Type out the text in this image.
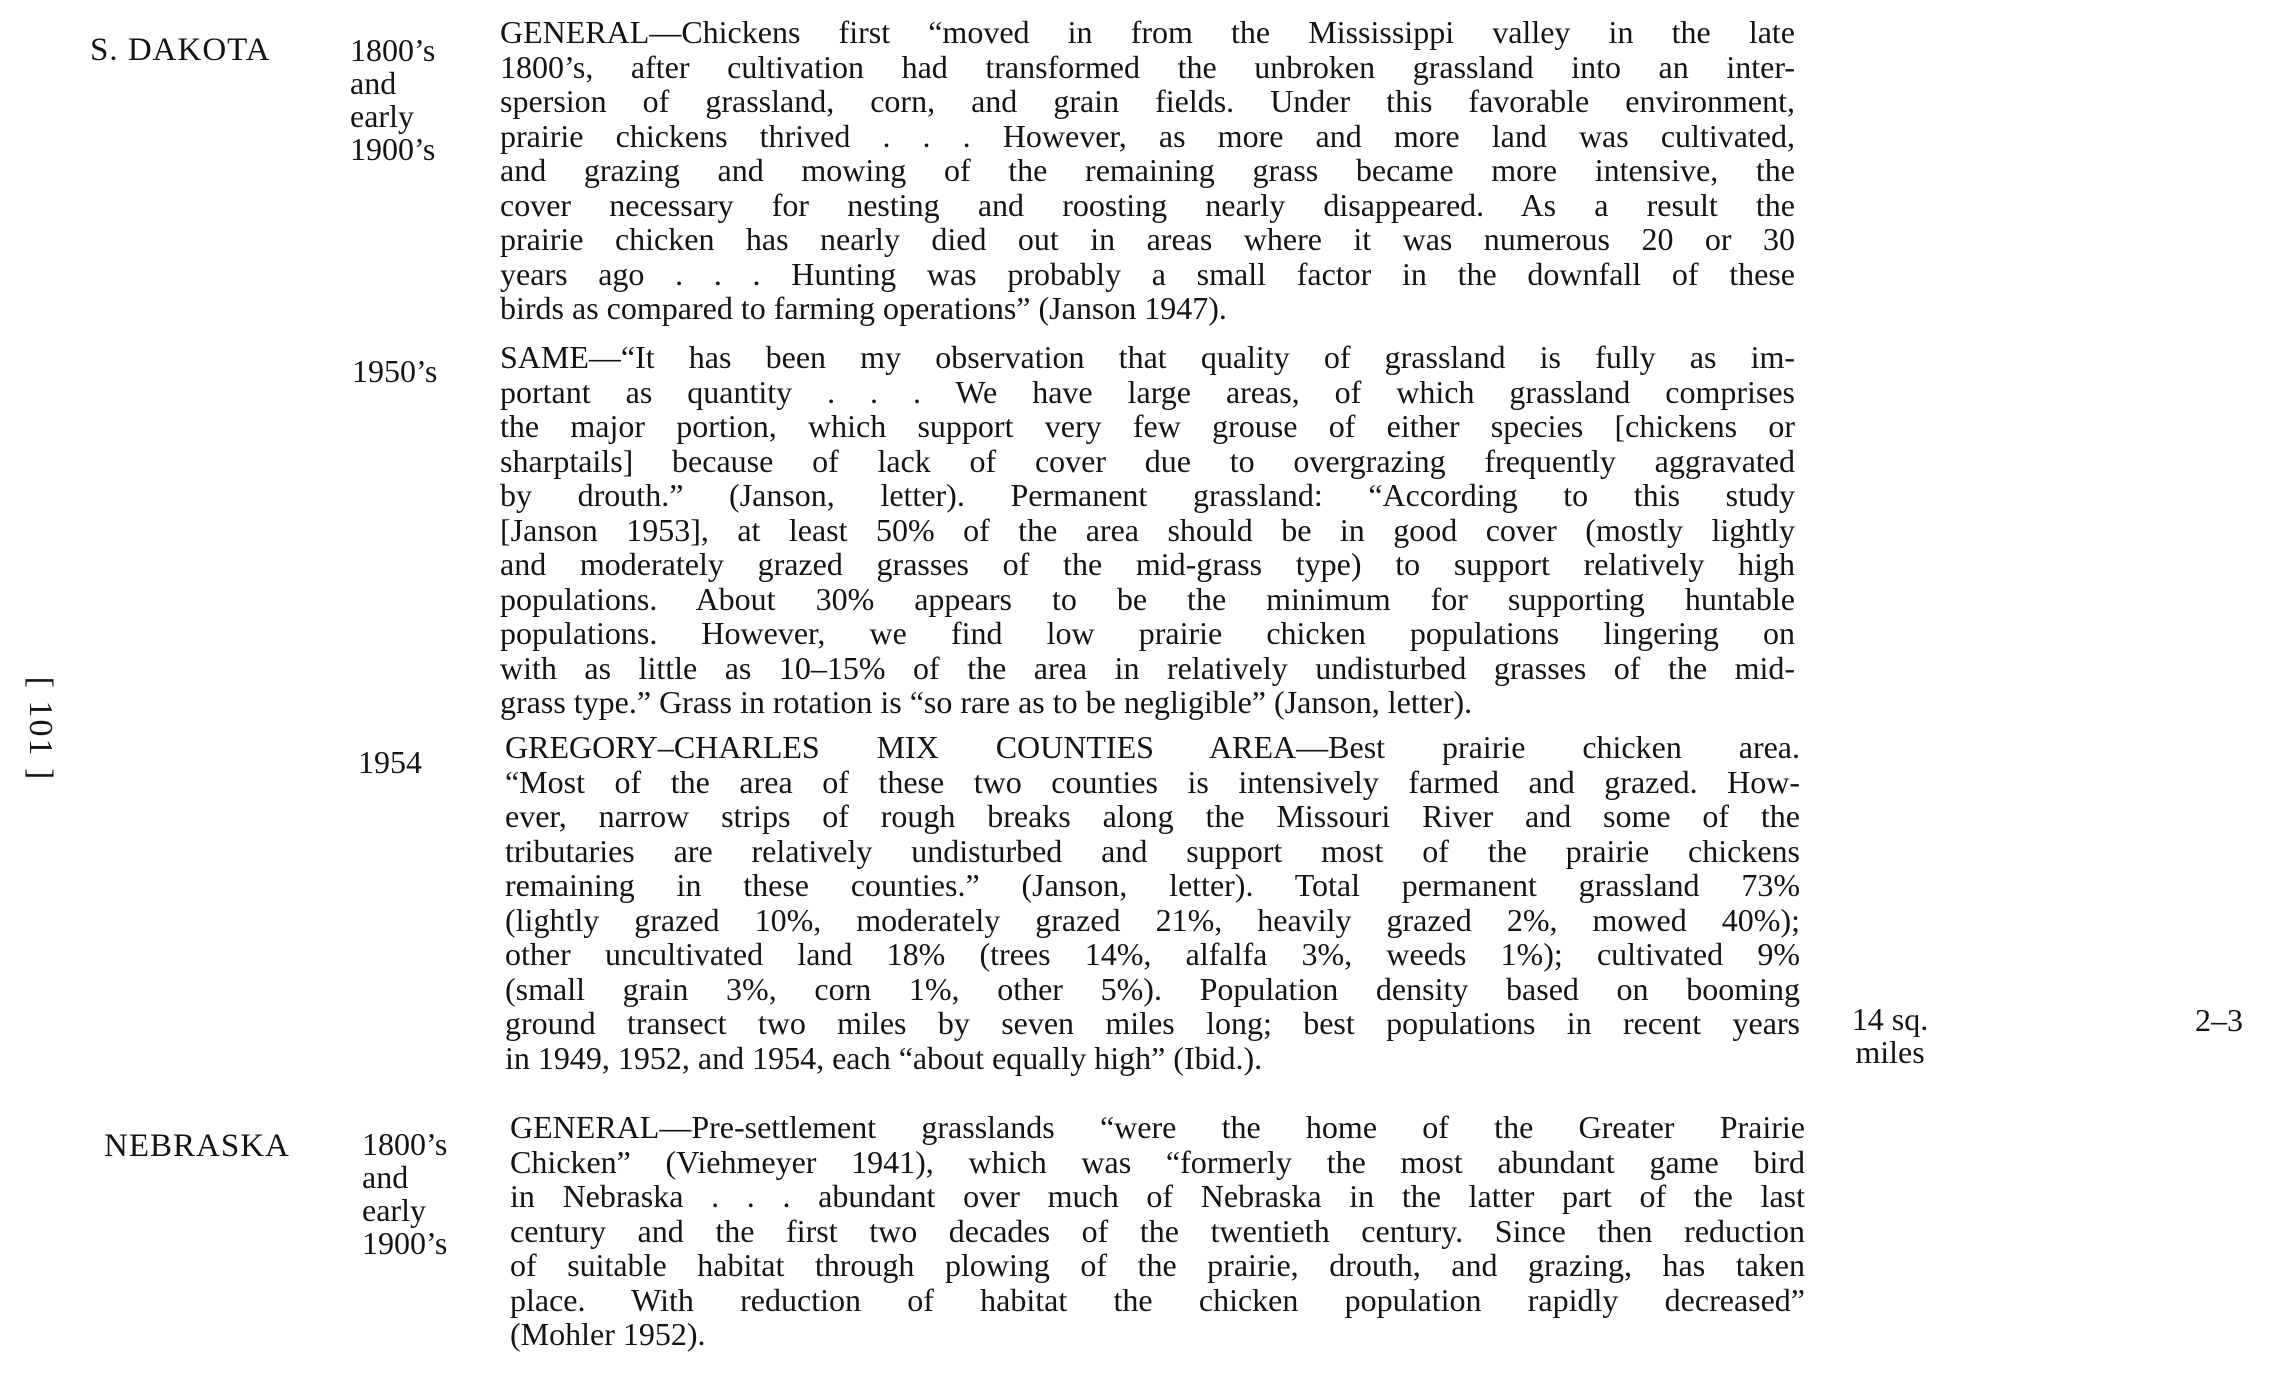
[ 101 ]
S. DAKOTA 1800’s
and
early
1900’s
GENERAL—Chickens first “moved in from the Mississippi valley in the late
1800’s, after cultivation had transformed the unbroken grassland into an inter-
spersion of grassland, corn, and grain fields. Under this favorable environment,
prairie chickens thrived . . . However, as more and more land was cultivated,
and grazing and mowing of the remaining grass became more intensive, the
cover necessary for nesting and roosting nearly disappeared. As a result the
prairie chicken has nearly died out in areas where it was numerous 20 or 30
years ago . . . Hunting was probably a small factor in the downfall of these
birds as compared to farming operations” (Janson 1947).
1950’s SAME—“It has been my observation that quality of grassland is fully as im-
portant as quantity . . . We have large areas, of which grassland comprises
the major portion, which support very few grouse of either species [chickens or
sharptails] because of lack of cover due to overgrazing frequently aggravated
by drouth.” (Janson, letter). Permanent grassland: “According to this study
[Janson 1953], at least 50% of the area should be in good cover (mostly lightly
and moderately grazed grasses of the mid-grass type) to support relatively high
populations. About 30% appears to be the minimum for supporting huntable
populations. However, we find low prairie chicken populations lingering on
with as little as 10–15% of the area in relatively undisturbed grasses of the mid-
grass type.” Grass in rotation is “so rare as to be negligible” (Janson, letter).
1954	GREGORY–CHARLES MIX COUNTIES AREA—Best prairie chicken area.
“Most of the area of these two counties is intensively farmed and grazed. How-
ever, narrow strips of rough breaks along the Missouri River and some of the
tributaries are relatively undisturbed and support most of the prairie chickens
remaining in these counties.” (Janson, letter). Total permanent grassland 73%
(lightly grazed 10%, moderately grazed 21%, heavily grazed 2%, mowed 40%);
other uncultivated land 18% (trees 14%, alfalfa 3%, weeds 1%); cultivated 9%
(small grain 3%, corn 1%, other 5%). Population density based on booming
ground transect two miles by seven miles long; best populations in recent years
in 1949, 1952, and 1954, each “about equally high” (Ibid.).
14 sq.
miles
2–3
NEBRASKA 1800’s
and
early
1900’s
GENERAL—Pre-settlement grasslands “were the home of the Greater Prairie
Chicken” (Viehmeyer 1941), which was “formerly the most abundant game bird
in Nebraska . . . abundant over much of Nebraska in the latter part of the last
century and the first two decades of the twentieth century. Since then reduction
of suitable habitat through plowing of the prairie, drouth, and grazing, has taken
place. With reduction of habitat the chicken population rapidly decreased”
(Mohler 1952).
